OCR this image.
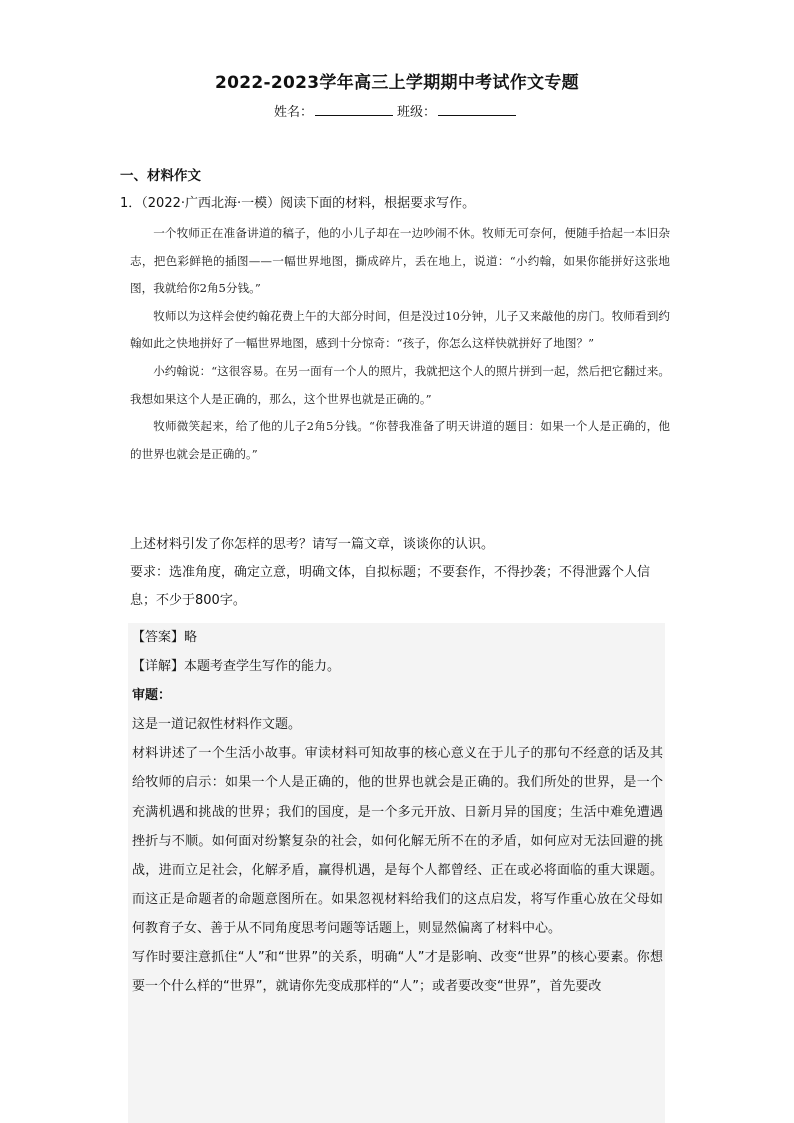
2022-2023学年高三上学期期中考试作文专题
姓名：	班级：
一、材料作文
1．（2022·广西北海·一模）阅读下面的材料，根据要求写作。

一个牧师正在准备讲道的稿子，他的小儿子却在一边吵闹不休。牧师无可奈何，便随手拾起一本旧杂志，把色彩鲜艳的插图——一幅世界地图，撕成碎片，丢在地上，说道：“小约翰，如果你能拼好这张地图，我就给你2角5分钱。”

牧师以为这样会使约翰花费上午的大部分时间，但是没过10分钟，儿子又来敲他的房门。牧师看到约翰如此之快地拼好了一幅世界地图，感到十分惊奇：“孩子，你怎么这样快就拼好了地图？”

小约翰说：“这很容易。在另一面有一个人的照片，我就把这个人的照片拼到一起，然后把它翻过来。我想如果这个人是正确的，那么，这个世界也就是正确的。”

牧师微笑起来，给了他的儿子2角5分钱。“你替我准备了明天讲道的题目：如果一个人是正确的，他的世界也就会是正确的。”

上述材料引发了你怎样的思考？请写一篇文章，谈谈你的认识。

要求：选准角度，确定立意，明确文体，自拟标题；不要套作，不得抄袭；不得泄露个人信息；不少于800字。

【答案】略

【详解】本题考查学生写作的能力。

审题：

这是一道记叙性材料作文题。

材料讲述了一个生活小故事。审读材料可知故事的核心意义在于儿子的那句不经意的话及其给牧师的启示：如果一个人是正确的，他的世界也就会是正确的。我们所处的世界，是一个充满机遇和挑战的世界；我们的国度，是一个多元开放、日新月异的国度；生活中难免遭遇挫折与不顺。如何面对纷繁复杂的社会，如何化解无所不在的矛盾，如何应对无法回避的挑战，进而立足社会，化解矛盾，赢得机遇，是每个人都曾经、正在或必将面临的重大课题。而这正是命题者的命题意图所在。如果忽视材料给我们的这点启发，将写作重心放在父母如何教育子女、善于从不同角度思考问题等话题上，则显然偏离了材料中心。

写作时要注意抓住“人”和“世界”的关系，明确“人”才是影响、改变“世界”的核心要素。你想要一个什么样的“世界”，就请你先变成那样的“人”；或者要改变“世界”，首先要改
